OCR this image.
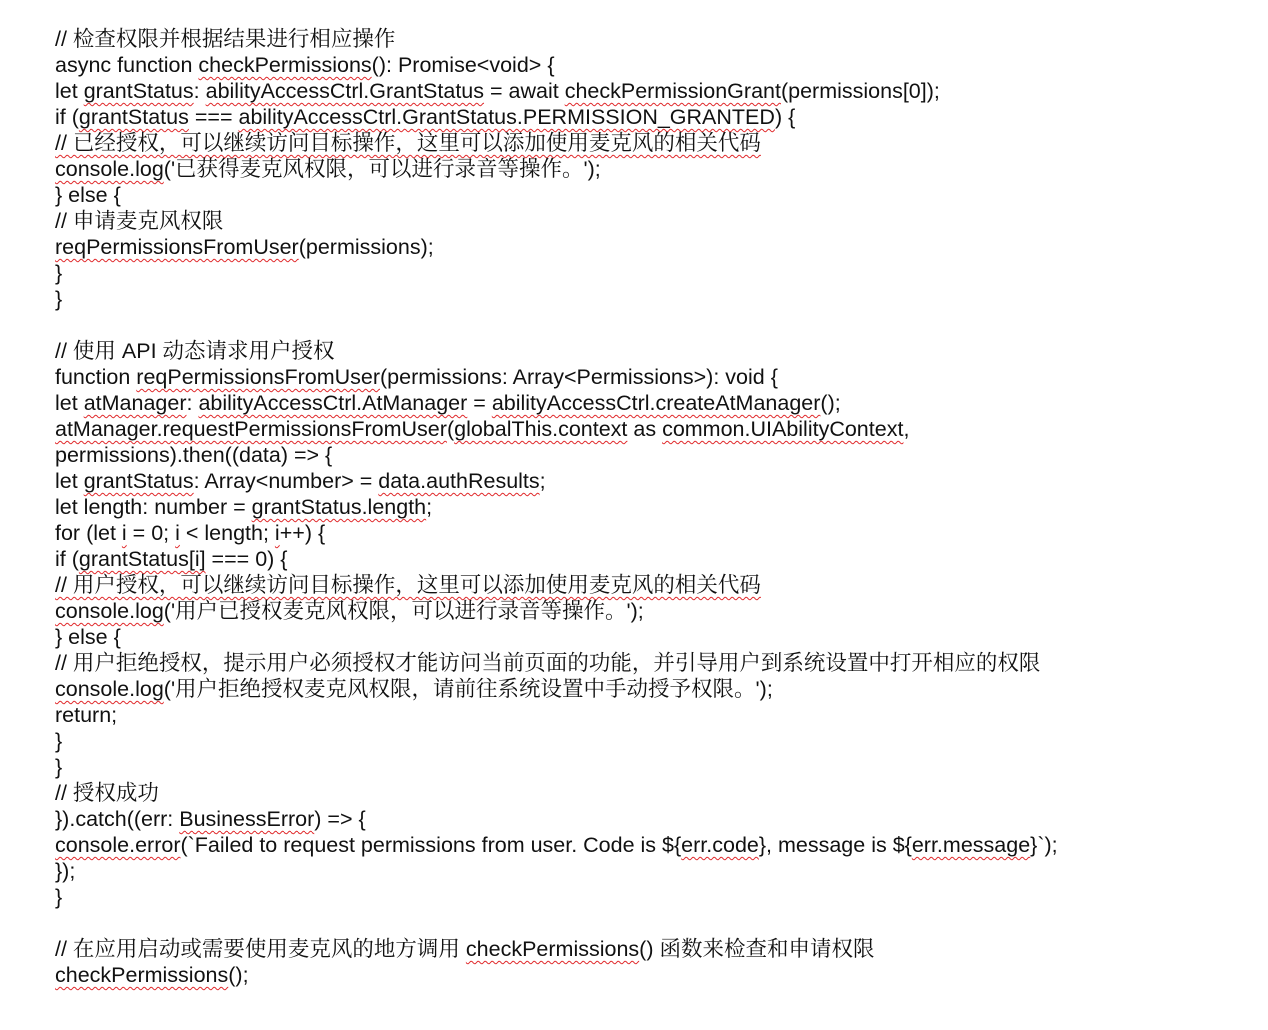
// 检查权限并根据结果进行相应操作
async function checkPermissions(): Promise<void> {
let grantStatus: abilityAccessCtrl.GrantStatus = await checkPermissionGrant(permissions[0]);
if (grantStatus === abilityAccessCtrl.GrantStatus.PERMISSION_GRANTED) {
// 已经授权，可以继续访问目标操作，这里可以添加使用麦克风的相关代码
console.log('已获得麦克风权限，可以进行录音等操作。');
} else {
// 申请麦克风权限
reqPermissionsFromUser(permissions);
}
}
// 使用 API 动态请求用户授权
function reqPermissionsFromUser(permissions: Array<Permissions>): void {
let atManager: abilityAccessCtrl.AtManager = abilityAccessCtrl.createAtManager();
atManager.requestPermissionsFromUser(globalThis.context as common.UIAbilityContext,
permissions).then((data) => {
let grantStatus: Array<number> = data.authResults;
let length: number = grantStatus.length;
for (let i = 0; i < length; i++) {
if (grantStatus[i] === 0) {
// 用户授权，可以继续访问目标操作，这里可以添加使用麦克风的相关代码
console.log('用户已授权麦克风权限，可以进行录音等操作。');
} else {
// 用户拒绝授权，提示用户必须授权才能访问当前页面的功能，并引导用户到系统设置中打开相应的权限
console.log('用户拒绝授权麦克风权限，请前往系统设置中手动授予权限。');
return;
}
}
// 授权成功
}).catch((err: BusinessError) => {
console.error(`Failed to request permissions from user. Code is ${err.code}, message is ${err.message}`);
});
}
// 在应用启动或需要使用麦克风的地方调用 checkPermissions() 函数来检查和申请权限
checkPermissions();
